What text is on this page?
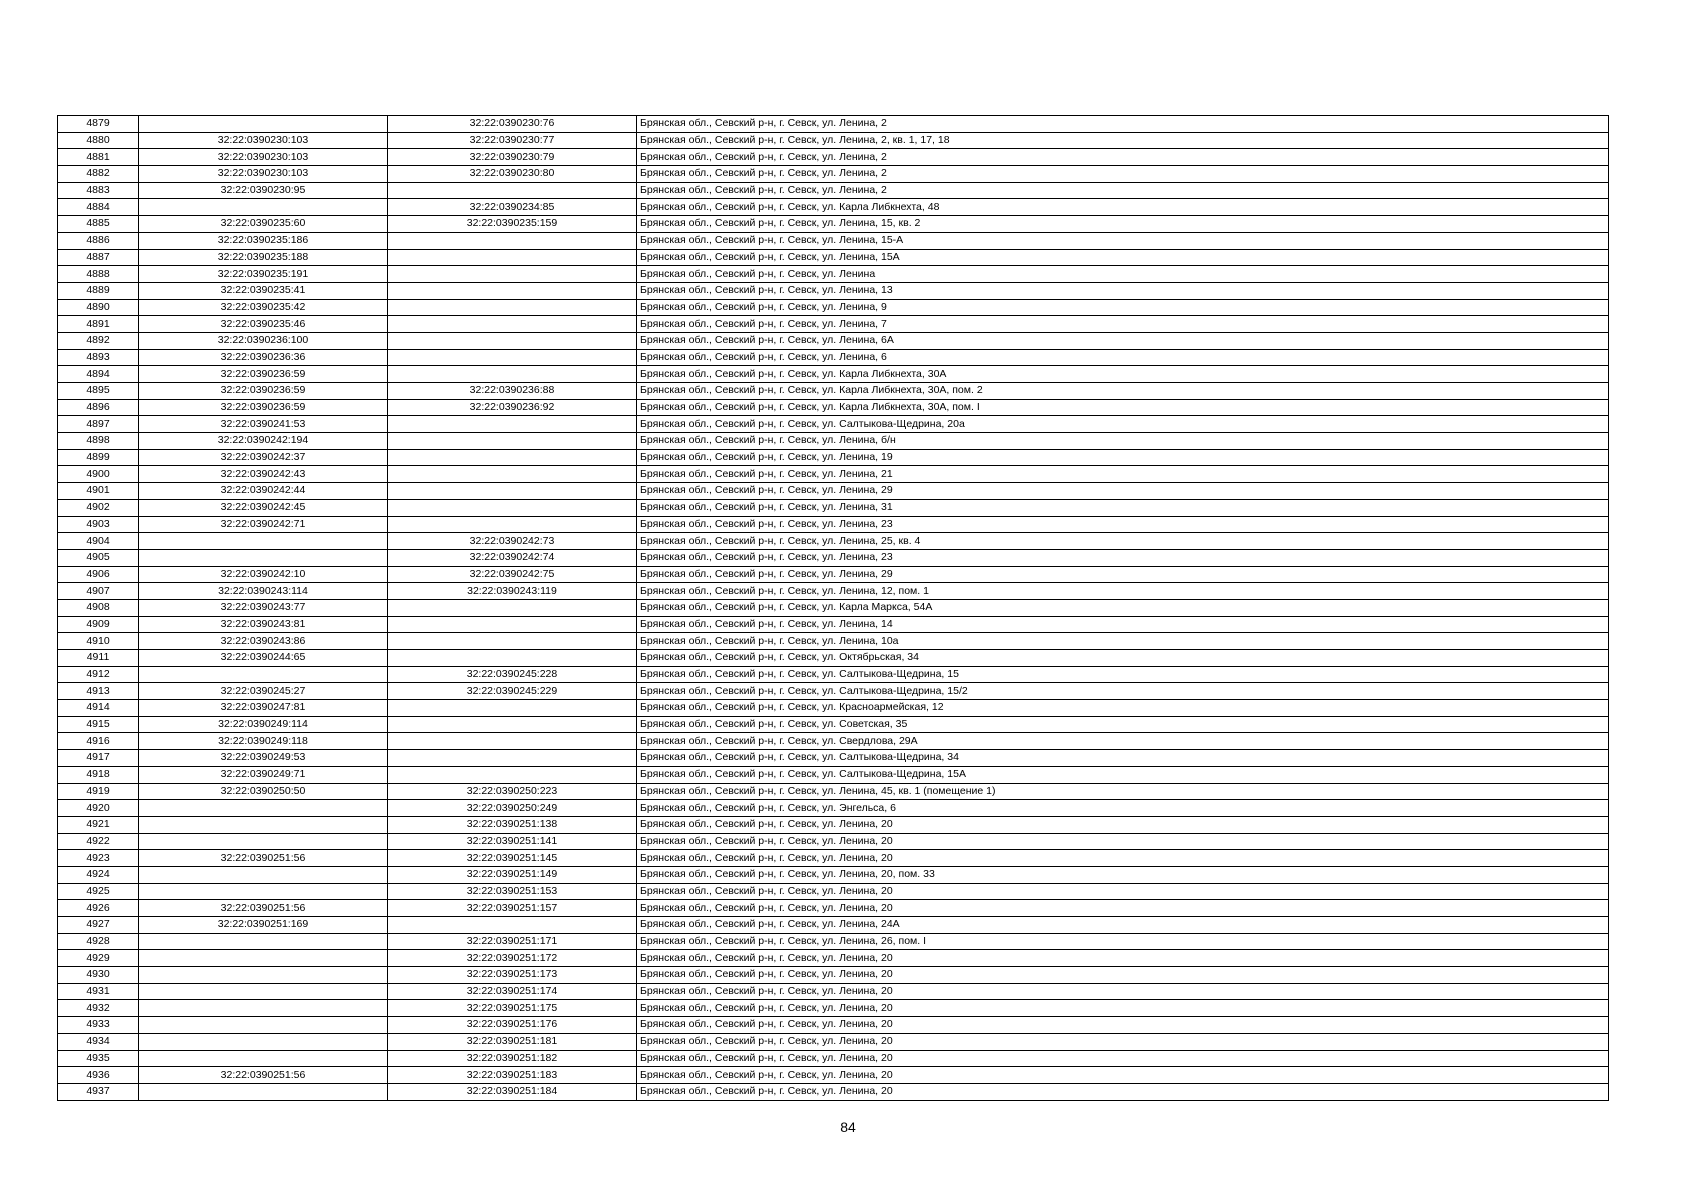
4879		32:22:0390230:76	Брянская обл., Севский р-н, г. Севск, ул. Ленина, 2
4880	32:22:0390230:103	32:22:0390230:77	Брянская обл., Севский р-н, г. Севск, ул. Ленина, 2, кв. 1, 17, 18
4881	32:22:0390230:103	32:22:0390230:79	Брянская обл., Севский р-н, г. Севск, ул. Ленина, 2
4882	32:22:0390230:103	32:22:0390230:80	Брянская обл., Севский р-н, г. Севск, ул. Ленина, 2
4883	32:22:0390230:95		Брянская обл., Севский р-н, г. Севск, ул. Ленина, 2
4884		32:22:0390234:85	Брянская обл., Севский р-н, г. Севск, ул. Карла Либкнехта, 48
4885	32:22:0390235:60	32:22:0390235:159	Брянская обл., Севский р-н, г. Севск, ул. Ленина, 15, кв. 2
4886	32:22:0390235:186		Брянская обл., Севский р-н, г. Севск, ул. Ленина, 15-А
4887	32:22:0390235:188		Брянская обл., Севский р-н, г. Севск, ул. Ленина, 15А
4888	32:22:0390235:191		Брянская обл., Севский р-н, г. Севск, ул. Ленина
4889	32:22:0390235:41		Брянская обл., Севский р-н, г. Севск, ул. Ленина, 13
4890	32:22:0390235:42		Брянская обл., Севский р-н, г. Севск, ул. Ленина, 9
4891	32:22:0390235:46		Брянская обл., Севский р-н, г. Севск, ул. Ленина, 7
4892	32:22:0390236:100		Брянская обл., Севский р-н, г. Севск, ул. Ленина, 6А
4893	32:22:0390236:36		Брянская обл., Севский р-н, г. Севск, ул. Ленина, 6
4894	32:22:0390236:59		Брянская обл., Севский р-н, г. Севск, ул. Карла Либкнехта, 30А
4895	32:22:0390236:59	32:22:0390236:88	Брянская обл., Севский р-н, г. Севск, ул. Карла Либкнехта, 30А, пом. 2
4896	32:22:0390236:59	32:22:0390236:92	Брянская обл., Севский р-н, г. Севск, ул. Карла Либкнехта, 30А, пом. I
4897	32:22:0390241:53		Брянская обл., Севский р-н, г. Севск, ул. Салтыкова-Щедрина, 20а
4898	32:22:0390242:194		Брянская обл., Севский р-н, г. Севск, ул. Ленина, б/н
4899	32:22:0390242:37		Брянская обл., Севский р-н, г. Севск, ул. Ленина, 19
4900	32:22:0390242:43		Брянская обл., Севский р-н, г. Севск, ул. Ленина, 21
4901	32:22:0390242:44		Брянская обл., Севский р-н, г. Севск, ул. Ленина, 29
4902	32:22:0390242:45		Брянская обл., Севский р-н, г. Севск, ул. Ленина, 31
4903	32:22:0390242:71		Брянская обл., Севский р-н, г. Севск, ул. Ленина, 23
4904		32:22:0390242:73	Брянская обл., Севский р-н, г. Севск, ул. Ленина, 25, кв. 4
4905		32:22:0390242:74	Брянская обл., Севский р-н, г. Севск, ул. Ленина, 23
4906	32:22:0390242:10	32:22:0390242:75	Брянская обл., Севский р-н, г. Севск, ул. Ленина, 29
4907	32:22:0390243:114	32:22:0390243:119	Брянская обл., Севский р-н, г. Севск, ул. Ленина, 12, пом. 1
4908	32:22:0390243:77		Брянская обл., Севский р-н, г. Севск, ул. Карла Маркса, 54А
4909	32:22:0390243:81		Брянская обл., Севский р-н, г. Севск, ул. Ленина, 14
4910	32:22:0390243:86		Брянская обл., Севский р-н, г. Севск, ул. Ленина, 10а
4911	32:22:0390244:65		Брянская обл., Севский р-н, г. Севск, ул. Октябрьская, 34
4912		32:22:0390245:228	Брянская обл., Севский р-н, г. Севск, ул. Салтыкова-Щедрина, 15
4913	32:22:0390245:27	32:22:0390245:229	Брянская обл., Севский р-н, г. Севск, ул. Салтыкова-Щедрина, 15/2
4914	32:22:0390247:81		Брянская обл., Севский р-н, г. Севск, ул. Красноармейская, 12
4915	32:22:0390249:114		Брянская обл., Севский р-н, г. Севск, ул. Советская, 35
4916	32:22:0390249:118		Брянская обл., Севский р-н, г. Севск, ул. Свердлова, 29А
4917	32:22:0390249:53		Брянская обл., Севский р-н, г. Севск, ул. Салтыкова-Щедрина, 34
4918	32:22:0390249:71		Брянская обл., Севский р-н, г. Севск, ул. Салтыкова-Щедрина, 15А
4919	32:22:0390250:50	32:22:0390250:223	Брянская обл., Севский р-н, г. Севск, ул. Ленина, 45, кв. 1 (помещение 1)
4920		32:22:0390250:249	Брянская обл., Севский р-н, г. Севск, ул. Энгельса, 6
4921		32:22:0390251:138	Брянская обл., Севский р-н, г. Севск, ул. Ленина, 20
4922		32:22:0390251:141	Брянская обл., Севский р-н, г. Севск, ул. Ленина, 20
4923	32:22:0390251:56	32:22:0390251:145	Брянская обл., Севский р-н, г. Севск, ул. Ленина, 20
4924		32:22:0390251:149	Брянская обл., Севский р-н, г. Севск, ул. Ленина, 20, пом. 33
4925		32:22:0390251:153	Брянская обл., Севский р-н, г. Севск, ул. Ленина, 20
4926	32:22:0390251:56	32:22:0390251:157	Брянская обл., Севский р-н, г. Севск, ул. Ленина, 20
4927	32:22:0390251:169		Брянская обл., Севский р-н, г. Севск, ул. Ленина, 24А
4928		32:22:0390251:171	Брянская обл., Севский р-н, г. Севск, ул. Ленина, 26, пом. I
4929		32:22:0390251:172	Брянская обл., Севский р-н, г. Севск, ул. Ленина, 20
4930		32:22:0390251:173	Брянская обл., Севский р-н, г. Севск, ул. Ленина, 20
4931		32:22:0390251:174	Брянская обл., Севский р-н, г. Севск, ул. Ленина, 20
4932		32:22:0390251:175	Брянская обл., Севский р-н, г. Севск, ул. Ленина, 20
4933		32:22:0390251:176	Брянская обл., Севский р-н, г. Севск, ул. Ленина, 20
4934		32:22:0390251:181	Брянская обл., Севский р-н, г. Севск, ул. Ленина, 20
4935		32:22:0390251:182	Брянская обл., Севский р-н, г. Севск, ул. Ленина, 20
4936	32:22:0390251:56	32:22:0390251:183	Брянская обл., Севский р-н, г. Севск, ул. Ленина, 20
4937		32:22:0390251:184	Брянская обл., Севский р-н, г. Севск, ул. Ленина, 20
84
